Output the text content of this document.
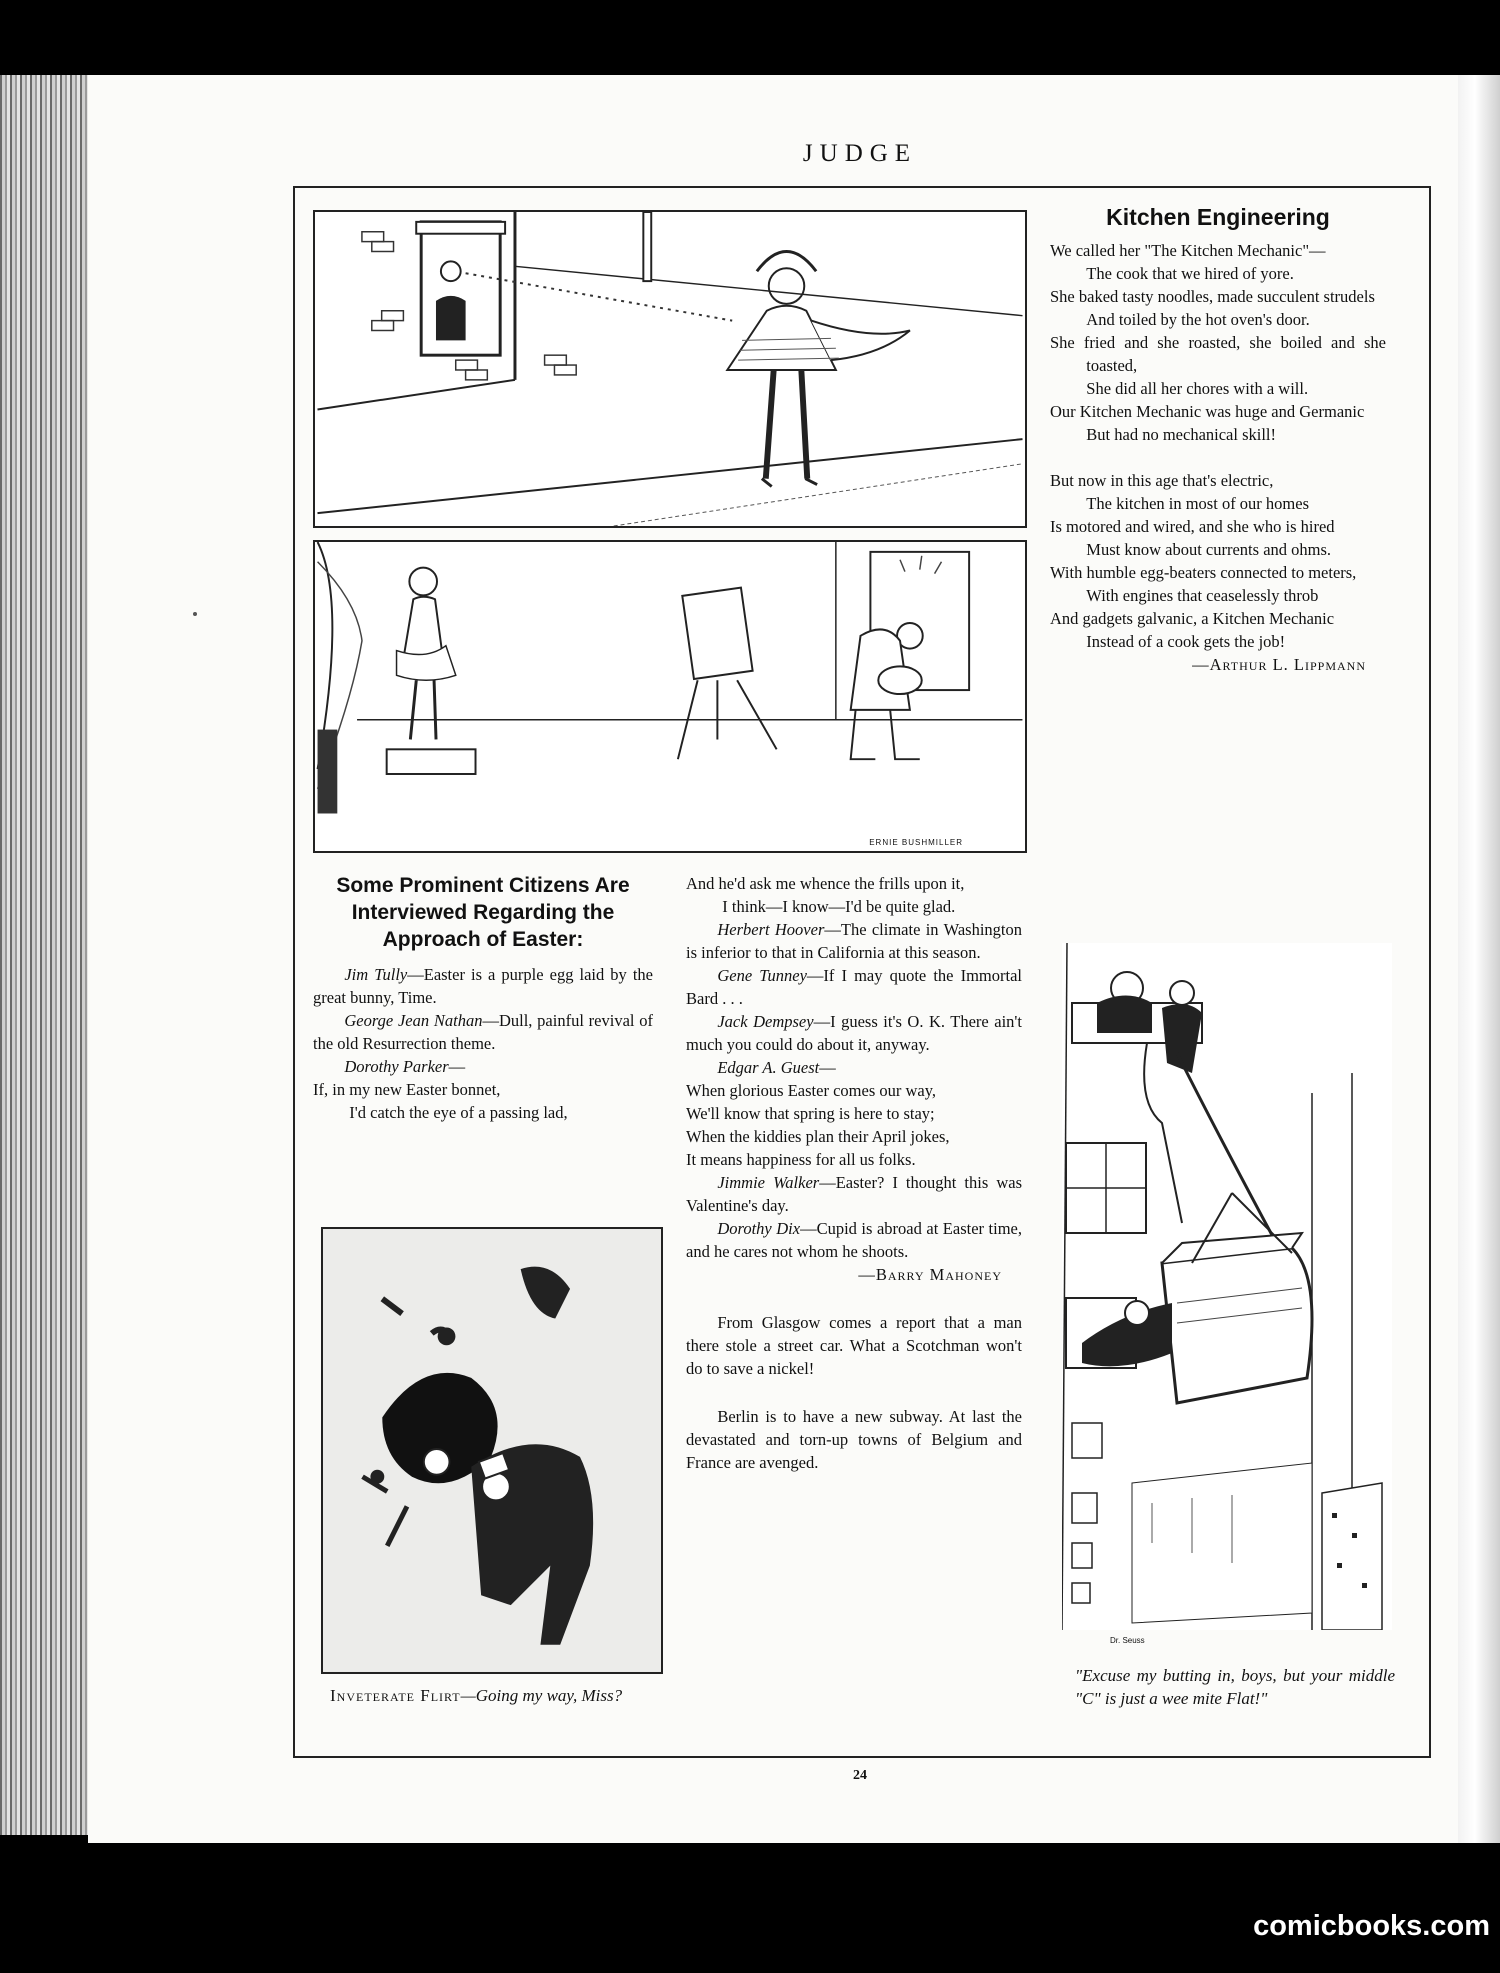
JUDGE
ERNIE BUSHMILLER
Some Prominent Citizens Are Interviewed Regarding the Approach of Easter:

Jim Tully—Easter is a purple egg laid by the great bunny, Time.

George Jean Nathan—Dull, painful revival of the old Resurrection theme.

Dorothy Parker—

If, in my new Easter bonnet,

I'd catch the eye of a passing lad,

And he'd ask me whence the frills upon it,

I think—I know—I'd be quite glad.

Herbert Hoover—The climate in Washington is inferior to that in California at this season.

Gene Tunney—If I may quote the Immortal Bard . . .

Jack Dempsey—I guess it's O. K. There ain't much you could do about it, anyway.

Edgar A. Guest—

When glorious Easter comes our way,

We'll know that spring is here to stay;

When the kiddies plan their April jokes,

It means happiness for all us folks.

Jimmie Walker—Easter? I thought this was Valentine's day.

Dorothy Dix—Cupid is abroad at Easter time, and he cares not whom he shoots.

—Barry Mahoney

From Glasgow comes a report that a man there stole a street car. What a Scotchman won't do to save a nickel!

Berlin is to have a new subway. At last the devastated and torn-up towns of Belgium and France are avenged.

Kitchen Engineering

We called her "The Kitchen Mechanic"—

The cook that we hired of yore.

She baked tasty noodles, made succulent strudels

And toiled by the hot oven's door.

She fried and she roasted, she boiled and she toasted,

She did all her chores with a will.

Our Kitchen Mechanic was huge and Germanic

But had no mechanical skill!

But now in this age that's electric,

The kitchen in most of our homes

Is motored and wired, and she who is hired

Must know about currents and ohms.

With humble egg-beaters connected to meters,

With engines that ceaselessly throb

And gadgets galvanic, a Kitchen Mechanic

Instead of a cook gets the job!

—Arthur L. Lippmann

Inveterate Flirt—Going my way, Miss?
"Excuse my butting in, boys, but your middle "C" is just a wee mite Flat!"
Dr. Seuss
24
comicbooks.com
